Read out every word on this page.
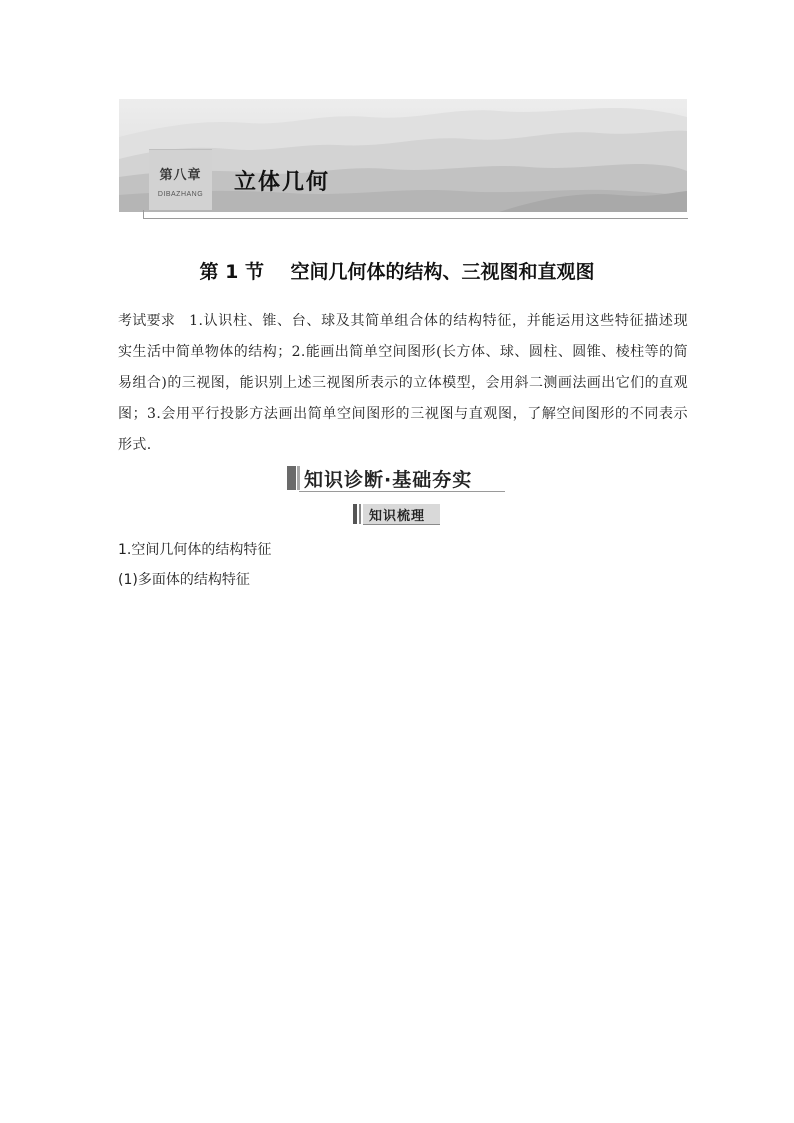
第八章
DIBAZHANG	立体几何
第 1 节    空间几何体的结构、三视图和直观图
考试要求 1.认识柱、锥、台、球及其简单组合体的结构特征，并能运用这些特征描述现实生活中简单物体的结构；2.能画出简单空间图形(长方体、球、圆柱、圆锥、棱柱等的简易组合)的三视图，能识别上述三视图所表示的立体模型，会用斜二测画法画出它们的直观图；3.会用平行投影方法画出简单空间图形的三视图与直观图，了解空间图形的不同表示形式.
知识诊断·基础夯实
知识梳理
1.空间几何体的结构特征
(1)多面体的结构特征
